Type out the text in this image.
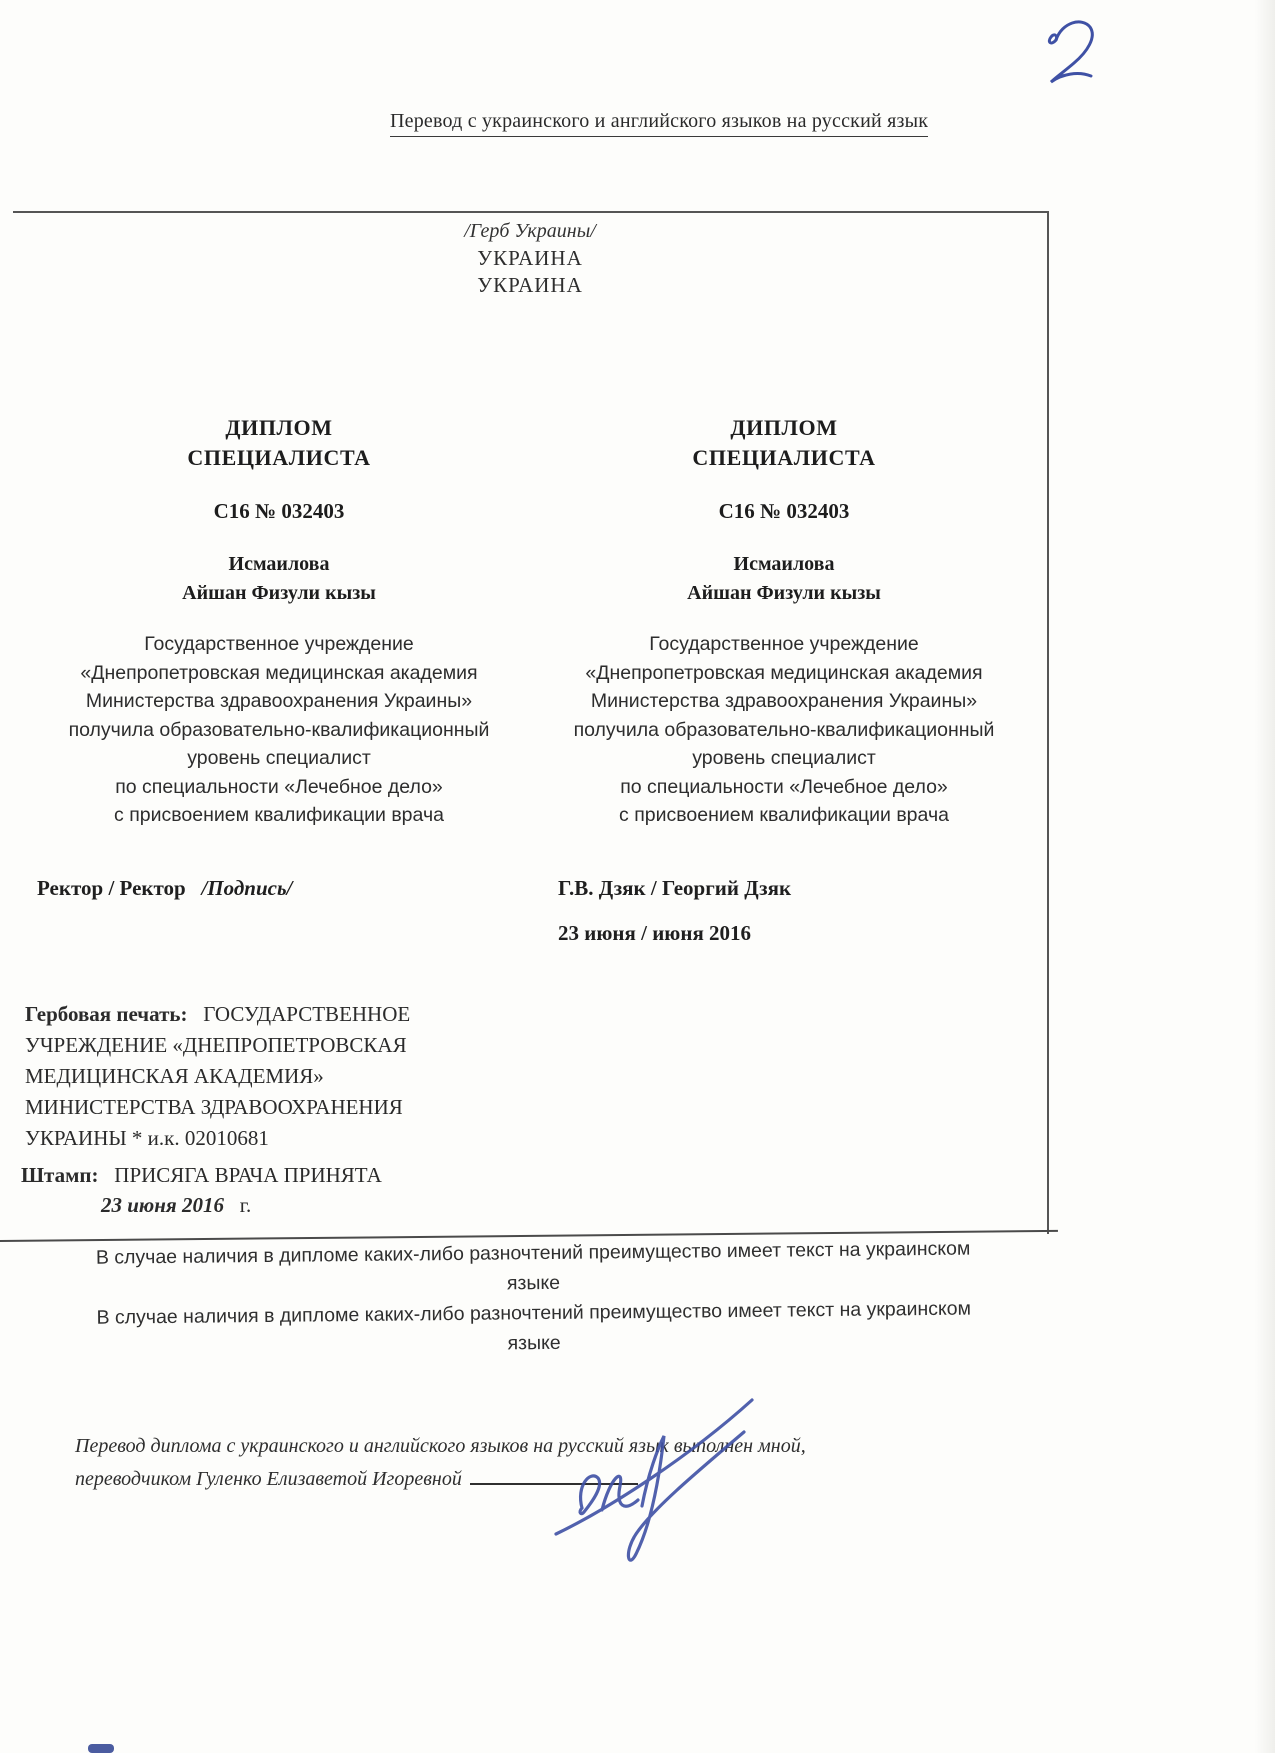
Перевод с украинского и английского языков на русский язык
/Герб Украины/
УКРАИНА
УКРАИНА
ДИПЛОМ
СПЕЦИАЛИСТА
С16 № 032403
Исмаилова
Айшан Физули кызы
Государственное учреждение
«Днепропетровская медицинская академия
Министерства здравоохранения Украины»
получила образовательно-квалификационный
уровень специалист
по специальности «Лечебное дело»
с присвоением квалификации врача
Ректор / Ректор /Подпись/
ДИПЛОМ
СПЕЦИАЛИСТА
С16 № 032403
Исмаилова
Айшан Физули кызы
Государственное учреждение
«Днепропетровская медицинская академия
Министерства здравоохранения Украины»
получила образовательно-квалификационный
уровень специалист
по специальности «Лечебное дело»
с присвоением квалификации врача
Г.В. Дзяк / Георгий Дзяк
23 июня / июня 2016
Гербовая печать: ГОСУДАРСТВЕННОЕ
УЧРЕЖДЕНИЕ «ДНЕПРОПЕТРОВСКАЯ
МЕДИЦИНСКАЯ АКАДЕМИЯ»
МИНИСТЕРСТВА ЗДРАВООХРАНЕНИЯ
УКРАИНЫ * и.к. 02010681
Штамп: ПРИСЯГА ВРАЧА ПРИНЯТА
23 июня 2016 г.
В случае наличия в дипломе каких-либо разночтений преимущество имеет текст на украинском языке
В случае наличия в дипломе каких-либо разночтений преимущество имеет текст на украинском языке
Перевод диплома с украинского и английского языков на русский язык выполнен мной,
переводчиком Гуленко Елизаветой Игоревной
